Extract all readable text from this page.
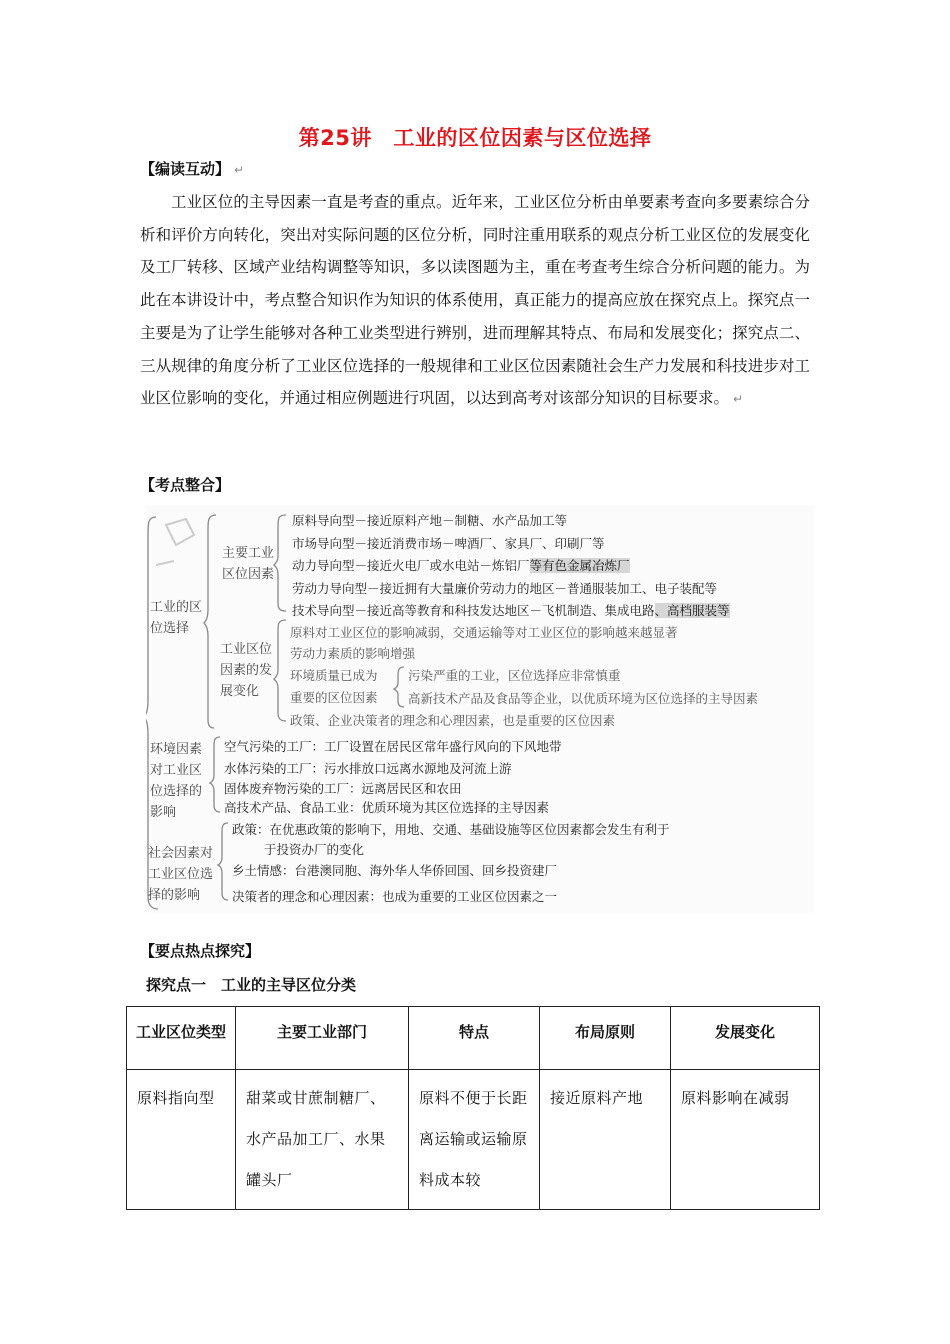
第25讲　工业的区位因素与区位选择
【编读互动】 ↵

工业区位的主导因素一直是考查的重点。近年来，工业区位分析由单要素考查向多要素综合分析和评价方向转化，突出对实际问题的区位分析，同时注重用联系的观点分析工业区位的发展变化及工厂转移、区域产业结构调整等知识，多以读图题为主，重在考查考生综合分析问题的能力。为此在本讲设计中，考点整合知识作为知识的体系使用，真正能力的提高应放在探究点上。探究点一主要是为了让学生能够对各种工业类型进行辨别，进而理解其特点、布局和发展变化；探究点二、三从规律的角度分析了工业区位选择的一般规律和工业区位因素随社会生产力发展和科技进步对工业区位影响的变化，并通过相应例题进行巩固，以达到高考对该部分知识的目标要求。 ↵

【考点整合】
工业的区位选择
主要工业区位因素
原料导向型－接近原料产地－制糖、水产品加工等
市场导向型－接近消费市场－啤酒厂、家具厂、印刷厂等
动力导向型－接近火电厂或水电站－炼铝厂等有色金属冶炼厂
劳动力导向型－接近拥有大量廉价劳动力的地区－普通服装加工、电子装配等
技术导向型－接近高等教育和科技发达地区－飞机制造、集成电路、高档服装等
工业区位因素的发展变化
原料对工业区位的影响减弱，交通运输等对工业区位的影响越来越显著
劳动力素质的影响增强
环境质量已成为
重要的区位因素
污染严重的工业，区位选择应非常慎重
高新技术产品及食品等企业，以优质环境为区位选择的主导因素
政策、企业决策者的理念和心理因素，也是重要的区位因素
环境因素对工业区位选择的影响
空气污染的工厂：工厂设置在居民区常年盛行风向的下风地带
水体污染的工厂：污水排放口远离水源地及河流上游
固体废弃物污染的工厂：远离居民区和农田
高技术产品、食品工业：优质环境为其区位选择的主导因素
社会因素对工业区位选择的影响
政策：在优惠政策的影响下，用地、交通、基础设施等区位因素都会发生有利于
于投资办厂的变化
乡土情感：台港澳同胞、海外华人华侨回国、回乡投资建厂
决策者的理念和心理因素：也成为重要的工业区位因素之一
【要点热点探究】
探究点一　工业的主导区位分类
工业区位类型	主要工业部门	特点	布局原则	发展变化

原料指向型	甜菜或甘蔗制糖厂、水产品加工厂、水果罐头厂	原料不便于长距离运输或运输原料成本较	接近原料产地	原料影响在减弱
